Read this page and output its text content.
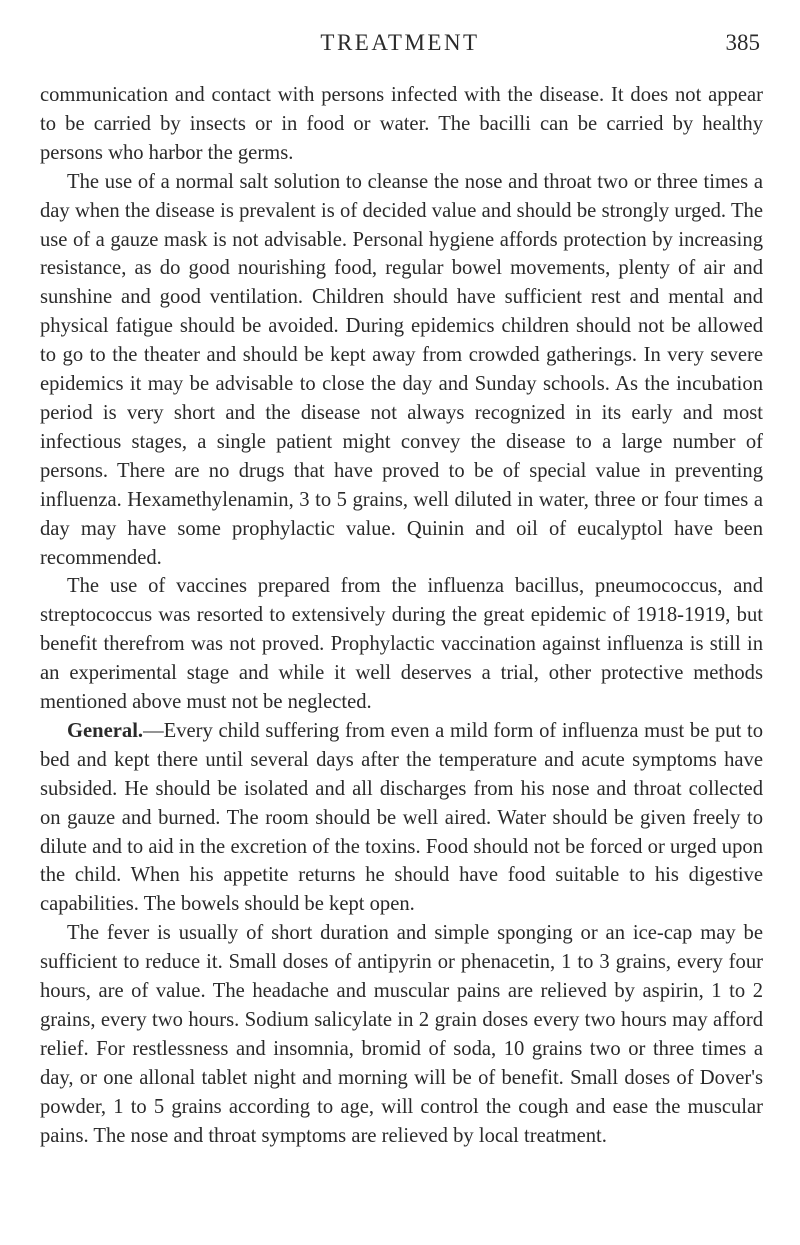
TREATMENT	385

communication and contact with persons infected with the disease. It does not appear to be carried by insects or in food or water. The bacilli can be carried by healthy persons who harbor the germs.

The use of a normal salt solution to cleanse the nose and throat two or three times a day when the disease is prevalent is of decided value and should be strongly urged. The use of a gauze mask is not advisable. Personal hygiene affords protection by increasing resistance, as do good nourishing food, regular bowel movements, plenty of air and sunshine and good ventilation. Children should have sufficient rest and mental and physical fatigue should be avoided. During epidemics children should not be allowed to go to the theater and should be kept away from crowded gatherings. In very severe epidemics it may be advisable to close the day and Sunday schools. As the incubation period is very short and the disease not always recognized in its early and most infectious stages, a single patient might convey the disease to a large number of persons. There are no drugs that have proved to be of special value in preventing influenza. Hexamethylenamin, 3 to 5 grains, well diluted in water, three or four times a day may have some prophylactic value. Quinin and oil of eucalyptol have been recommended.

The use of vaccines prepared from the influenza bacillus, pneumococcus, and streptococcus was resorted to extensively during the great epidemic of 1918-1919, but benefit therefrom was not proved. Prophylactic vaccination against influenza is still in an experimental stage and while it well deserves a trial, other protective methods mentioned above must not be neglected.

General.—Every child suffering from even a mild form of influenza must be put to bed and kept there until several days after the temperature and acute symptoms have subsided. He should be isolated and all discharges from his nose and throat collected on gauze and burned. The room should be well aired. Water should be given freely to dilute and to aid in the excretion of the toxins. Food should not be forced or urged upon the child. When his appetite returns he should have food suitable to his digestive capabilities. The bowels should be kept open.

The fever is usually of short duration and simple sponging or an ice-cap may be sufficient to reduce it. Small doses of antipyrin or phenacetin, 1 to 3 grains, every four hours, are of value. The headache and muscular pains are relieved by aspirin, 1 to 2 grains, every two hours. Sodium salicylate in 2 grain doses every two hours may afford relief. For restlessness and insomnia, bromid of soda, 10 grains two or three times a day, or one allonal tablet night and morning will be of benefit. Small doses of Dover's powder, 1 to 5 grains according to age, will control the cough and ease the muscular pains. The nose and throat symptoms are relieved by local treatment.
